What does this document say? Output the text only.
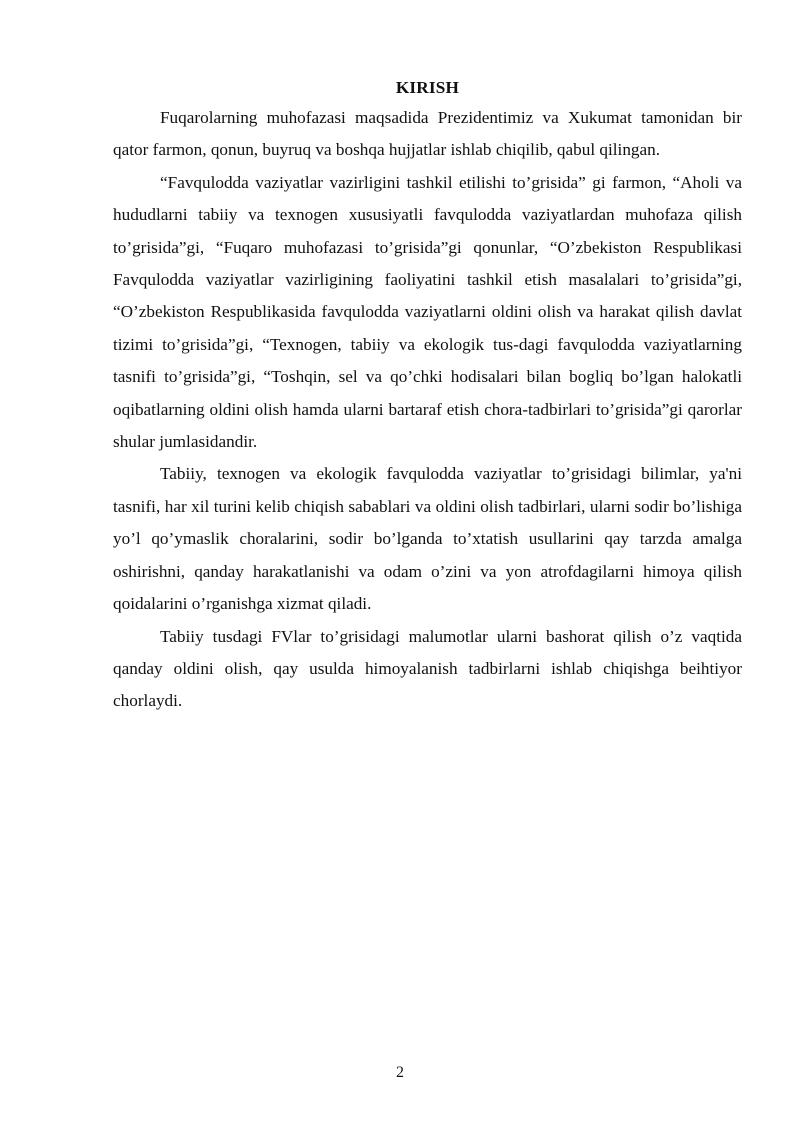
KIRISH

Fuqarolarning muhofazasi maqsadida Prezidentimiz va Xukumat tamonidan bir qator farmon, qonun, buyruq va boshqa hujjatlar ishlab chiqilib, qabul qilingan.

“Favqulodda vaziyatlar vazirligini tashkil etilishi to’grisida” gi farmon, “Aholi va hududlarni tabiiy va texnogen xususiyatli favqulodda vaziyatlardan muhofaza qilish to’grisida”gi, “Fuqaro muhofazasi to’grisida”gi qonunlar, “O’zbekiston Respublikasi Favqulodda vaziyatlar vazirligining faoliyatini tashkil etish masalalari to’grisida”gi, “O’zbekiston Respublikasida favqulodda vaziyatlarni oldini olish va harakat qilish davlat tizimi to’grisida”gi, “Texnogen, tabiiy va ekologik tus-dagi favqulodda vaziyatlarning tasnifi to’grisida”gi, “Toshqin, sel va qo’chki hodisalari bilan bogliq bo’lgan halokatli oqibatlarning oldini olish hamda ularni bartaraf etish chora-tadbirlari to’grisida”gi qarorlar shular jumlasidandir.

Tabiiy, texnogen va ekologik favqulodda vaziyatlar to’grisidagi bilimlar, ya'ni tasnifi, har xil turini kelib chiqish sabablari va oldini olish tadbirlari, ularni sodir bo’lishiga yo’l qo’ymaslik choralarini, sodir bo’lganda to’xtatish usullarini qay tarzda amalga oshirishni, qanday harakatlanishi va odam o’zini va yon atrofdagilarni himoya qilish qoidalarini o’rganishga xizmat qiladi.

Tabiiy tusdagi FVlar to’grisidagi malumotlar ularni bashorat qilish o’z vaqtida qanday oldini olish, qay usulda himoyalanish tadbirlarni ishlab chiqishga beihtiyor chorlaydi.

2
